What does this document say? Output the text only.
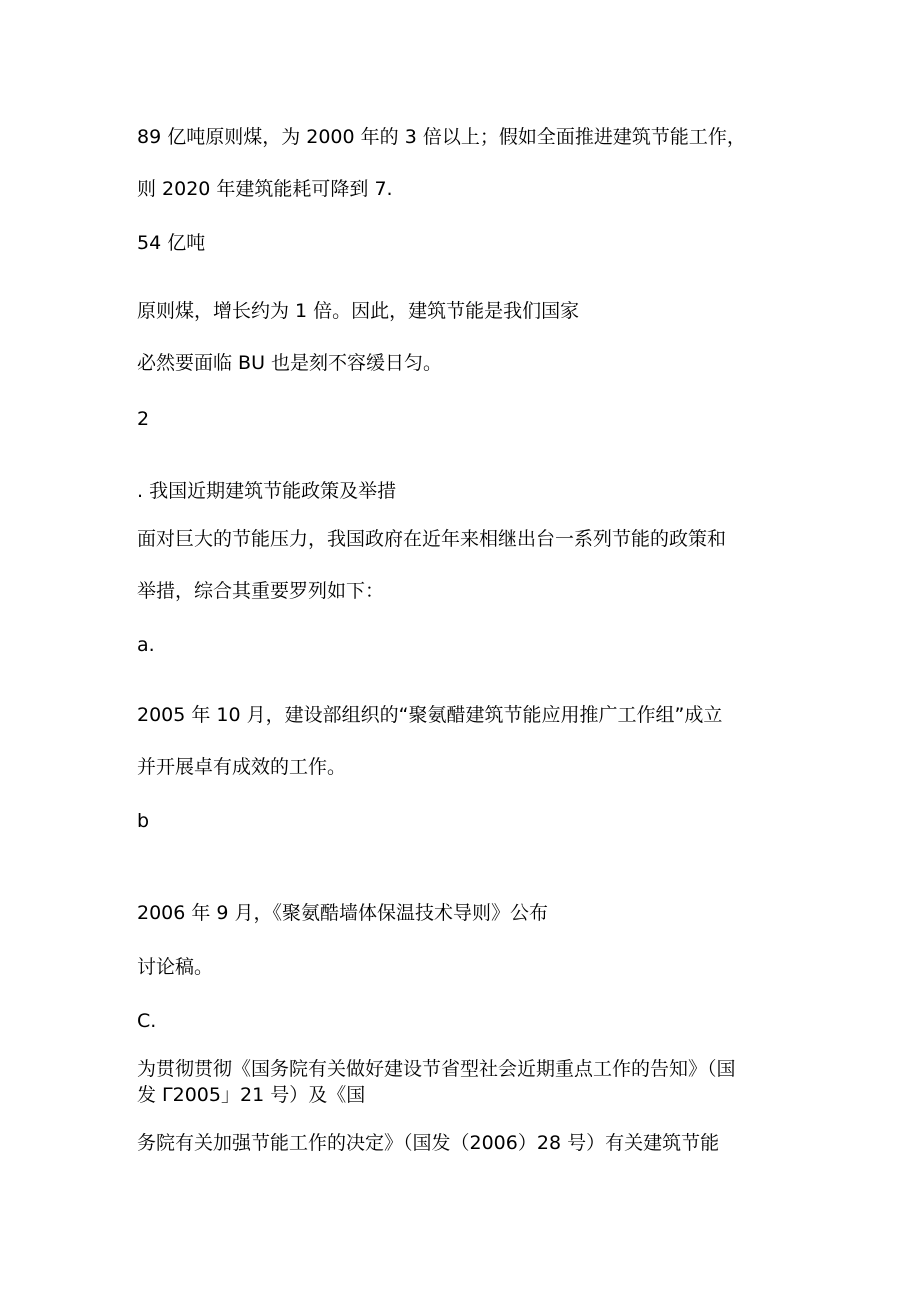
89 亿吨原则煤，为 2000 年的 3 倍以上；假如全面推进建筑节能工作，

则 2020 年建筑能耗可降到 7.

54 亿吨

原则煤，增长约为 1 倍。因此，建筑节能是我们国家

必然要面临 BU 也是刻不容缓日匀。

2

. 我国近期建筑节能政策及举措

面对巨大的节能压力，我国政府在近年来相继出台一系列节能的政策和

举措，综合其重要罗列如下：

a.

2005 年 10 月，建设部组织的“聚氨醋建筑节能应用推广工作组”成立

并开展卓有成效的工作。

b

2006 年 9 月，《聚氨酷墙体保温技术导则》公布

讨论稿。

C.

为贯彻贯彻《国务院有关做好建设节省型社会近期重点工作的告知》（国

发 Γ2005」21 号）及《国

务院有关加强节能工作的决定》（国发（2006）28 号）有关建筑节能
